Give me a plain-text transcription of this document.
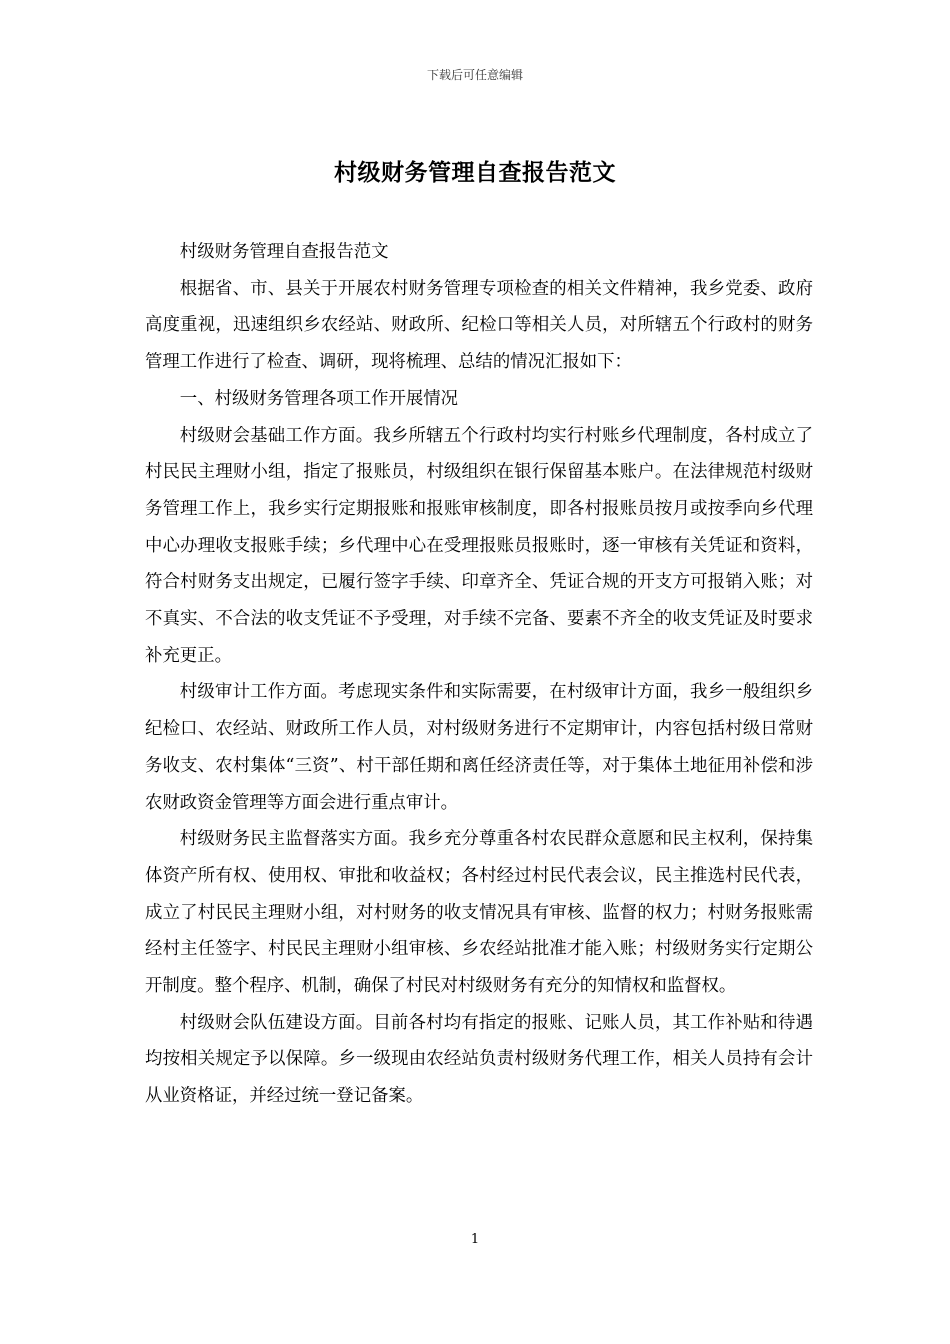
下载后可任意编辑
村级财务管理自查报告范文

村级财务管理自查报告范文

根据省、市、县关于开展农村财务管理专项检查的相关文件精神，我乡党委、政府高度重视，迅速组织乡农经站、财政所、纪检口等相关人员，对所辖五个行政村的财务管理工作进行了检查、调研，现将梳理、总结的情况汇报如下：

一、村级财务管理各项工作开展情况

村级财会基础工作方面。我乡所辖五个行政村均实行村账乡代理制度，各村成立了村民民主理财小组，指定了报账员，村级组织在银行保留基本账户。在法律规范村级财务管理工作上，我乡实行定期报账和报账审核制度，即各村报账员按月或按季向乡代理中心办理收支报账手续；乡代理中心在受理报账员报账时，逐一审核有关凭证和资料，符合村财务支出规定，已履行签字手续、印章齐全、凭证合规的开支方可报销入账；对不真实、不合法的收支凭证不予受理，对手续不完备、要素不齐全的收支凭证及时要求补充更正。

村级审计工作方面。考虑现实条件和实际需要，在村级审计方面，我乡一般组织乡纪检口、农经站、财政所工作人员，对村级财务进行不定期审计，内容包括村级日常财务收支、农村集体“三资”、村干部任期和离任经济责任等，对于集体土地征用补偿和涉农财政资金管理等方面会进行重点审计。

村级财务民主监督落实方面。我乡充分尊重各村农民群众意愿和民主权利，保持集体资产所有权、使用权、审批和收益权；各村经过村民代表会议，民主推选村民代表，成立了村民民主理财小组，对村财务的收支情况具有审核、监督的权力；村财务报账需经村主任签字、村民民主理财小组审核、乡农经站批准才能入账；村级财务实行定期公开制度。整个程序、机制，确保了村民对村级财务有充分的知情权和监督权。

村级财会队伍建设方面。目前各村均有指定的报账、记账人员，其工作补贴和待遇均按相关规定予以保障。乡一级现由农经站负责村级财务代理工作，相关人员持有会计从业资格证，并经过统一登记备案。

1
